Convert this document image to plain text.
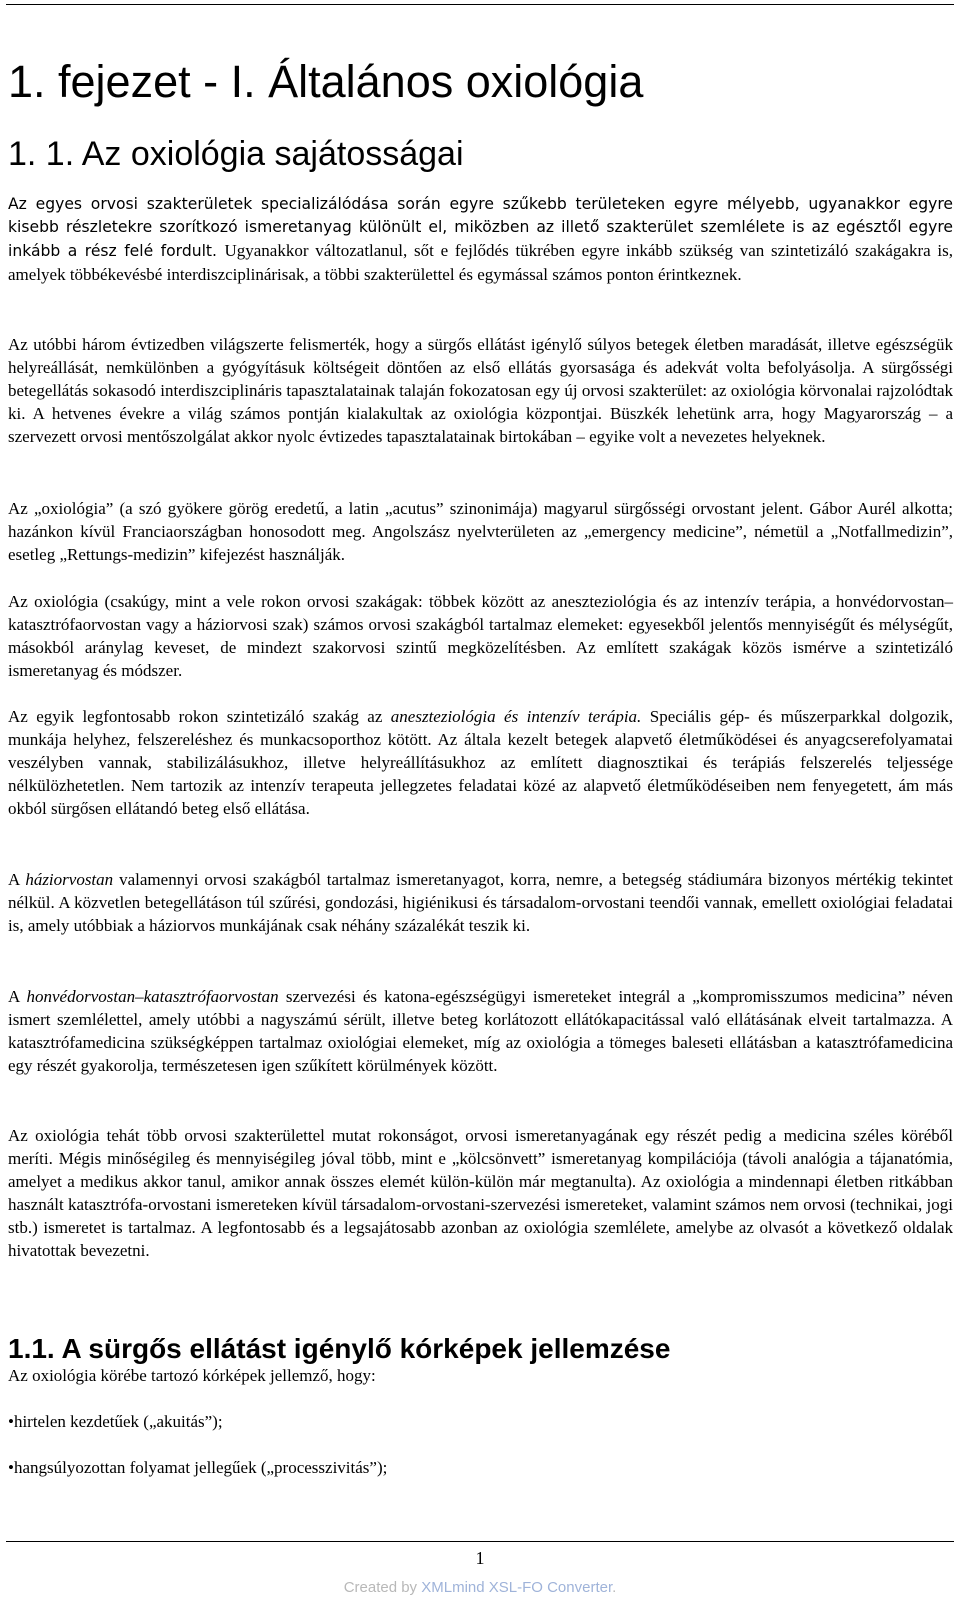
1. fejezet - I. Általános oxiológia
1. 1. Az oxiológia sajátosságai

Az egyes orvosi szakterületek specializálódása során egyre szűkebb területeken egyre mélyebb, ugyanakkor egyre kisebb részletekre szorítkozó ismeretanyag különült el, miközben az illető szakterület szemlélete is az egésztől egyre inkább a rész felé fordult. Ugyanakkor változatlanul, sőt e fejlődés tükrében egyre inkább szükség van szintetizáló szakágakra is, amelyek többékevésbé interdiszciplinárisak, a többi szakterülettel és egymással számos ponton érintkeznek.

Az utóbbi három évtizedben világszerte felismerték, hogy a sürgős ellátást igénylő súlyos betegek életben maradását, illetve egészségük helyreállását, nemkülönben a gyógyításuk költségeit döntően az első ellátás gyorsasága és adekvát volta befolyásolja. A sürgősségi betegellátás sokasodó interdiszciplináris tapasztalatainak talaján fokozatosan egy új orvosi szakterület: az oxiológia körvonalai rajzolódtak ki. A hetvenes évekre a világ számos pontján kialakultak az oxiológia központjai. Büszkék lehetünk arra, hogy Magyarország – a szervezett orvosi mentőszolgálat akkor nyolc évtizedes tapasztalatainak birtokában – egyike volt a nevezetes helyeknek.

Az „oxiológia” (a szó gyökere görög eredetű, a latin „acutus” szinonimája) magyarul sürgősségi orvostant jelent. Gábor Aurél alkotta; hazánkon kívül Franciaországban honosodott meg. Angolszász nyelvterületen az „emergency medicine”, németül a „Notfallmedizin”, esetleg „Rettungs-medizin” kifejezést használják.

Az oxiológia (csakúgy, mint a vele rokon orvosi szakágak: többek között az aneszteziológia és az intenzív terápia, a honvédorvostan–katasztrófaorvostan vagy a háziorvosi szak) számos orvosi szakágból tartalmaz elemeket: egyesekből jelentős mennyiségűt és mélységűt, másokból aránylag keveset, de mindezt szakorvosi szintű megközelítésben. Az említett szakágak közös ismérve a szintetizáló ismeretanyag és módszer.

Az egyik legfontosabb rokon szintetizáló szakág az aneszteziológia és intenzív terápia. Speciális gép- és műszerparkkal dolgozik, munkája helyhez, felszereléshez és munkacsoporthoz kötött. Az általa kezelt betegek alapvető életműködései és anyagcserefolyamatai veszélyben vannak, stabilizálásukhoz, illetve helyreállításukhoz az említett diagnosztikai és terápiás felszerelés teljessége nélkülözhetetlen. Nem tartozik az intenzív terapeuta jellegzetes feladatai közé az alapvető életműködéseiben nem fenyegetett, ám más okból sürgősen ellátandó beteg első ellátása.

A háziorvostan valamennyi orvosi szakágból tartalmaz ismeretanyagot, korra, nemre, a betegség stádiumára bizonyos mértékig tekintet nélkül. A közvetlen betegellátáson túl szűrési, gondozási, higiénikusi és társadalom-orvostani teendői vannak, emellett oxiológiai feladatai is, amely utóbbiak a háziorvos munkájának csak néhány százalékát teszik ki.

A honvédorvostan–katasztrófaorvostan szervezési és katona-egészségügyi ismereteket integrál a „kompromisszumos medicina” néven ismert szemlélettel, amely utóbbi a nagyszámú sérült, illetve beteg korlátozott ellátókapacitással való ellátásának elveit tartalmazza. A katasztrófamedicina szükségképpen tartalmaz oxiológiai elemeket, míg az oxiológia a tömeges baleseti ellátásban a katasztrófamedicina egy részét gyakorolja, természetesen igen szűkített körülmények között.

Az oxiológia tehát több orvosi szakterülettel mutat rokonságot, orvosi ismeretanyagának egy részét pedig a medicina széles köréből meríti. Mégis minőségileg és mennyiségileg jóval több, mint e „kölcsönvett” ismeretanyag kompilációja (távoli analógia a tájanatómia, amelyet a medikus akkor tanul, amikor annak összes elemét külön-külön már megtanulta). Az oxiológia a mindennapi életben ritkábban használt katasztrófa-orvostani ismereteken kívül társadalom-orvostani-szervezési ismereteket, valamint számos nem orvosi (technikai, jogi stb.) ismeretet is tartalmaz. A legfontosabb és a legsajátosabb azonban az oxiológia szemlélete, amelybe az olvasót a következő oldalak hivatottak bevezetni.

1.1. A sürgős ellátást igénylő kórképek jellemzése

Az oxiológia körébe tartozó kórképek jellemző, hogy:

•hirtelen kezdetűek („akuitás”);

•hangsúlyozottan folyamat jellegűek („processzivitás”);

1
Created by XMLmind XSL-FO Converter.
